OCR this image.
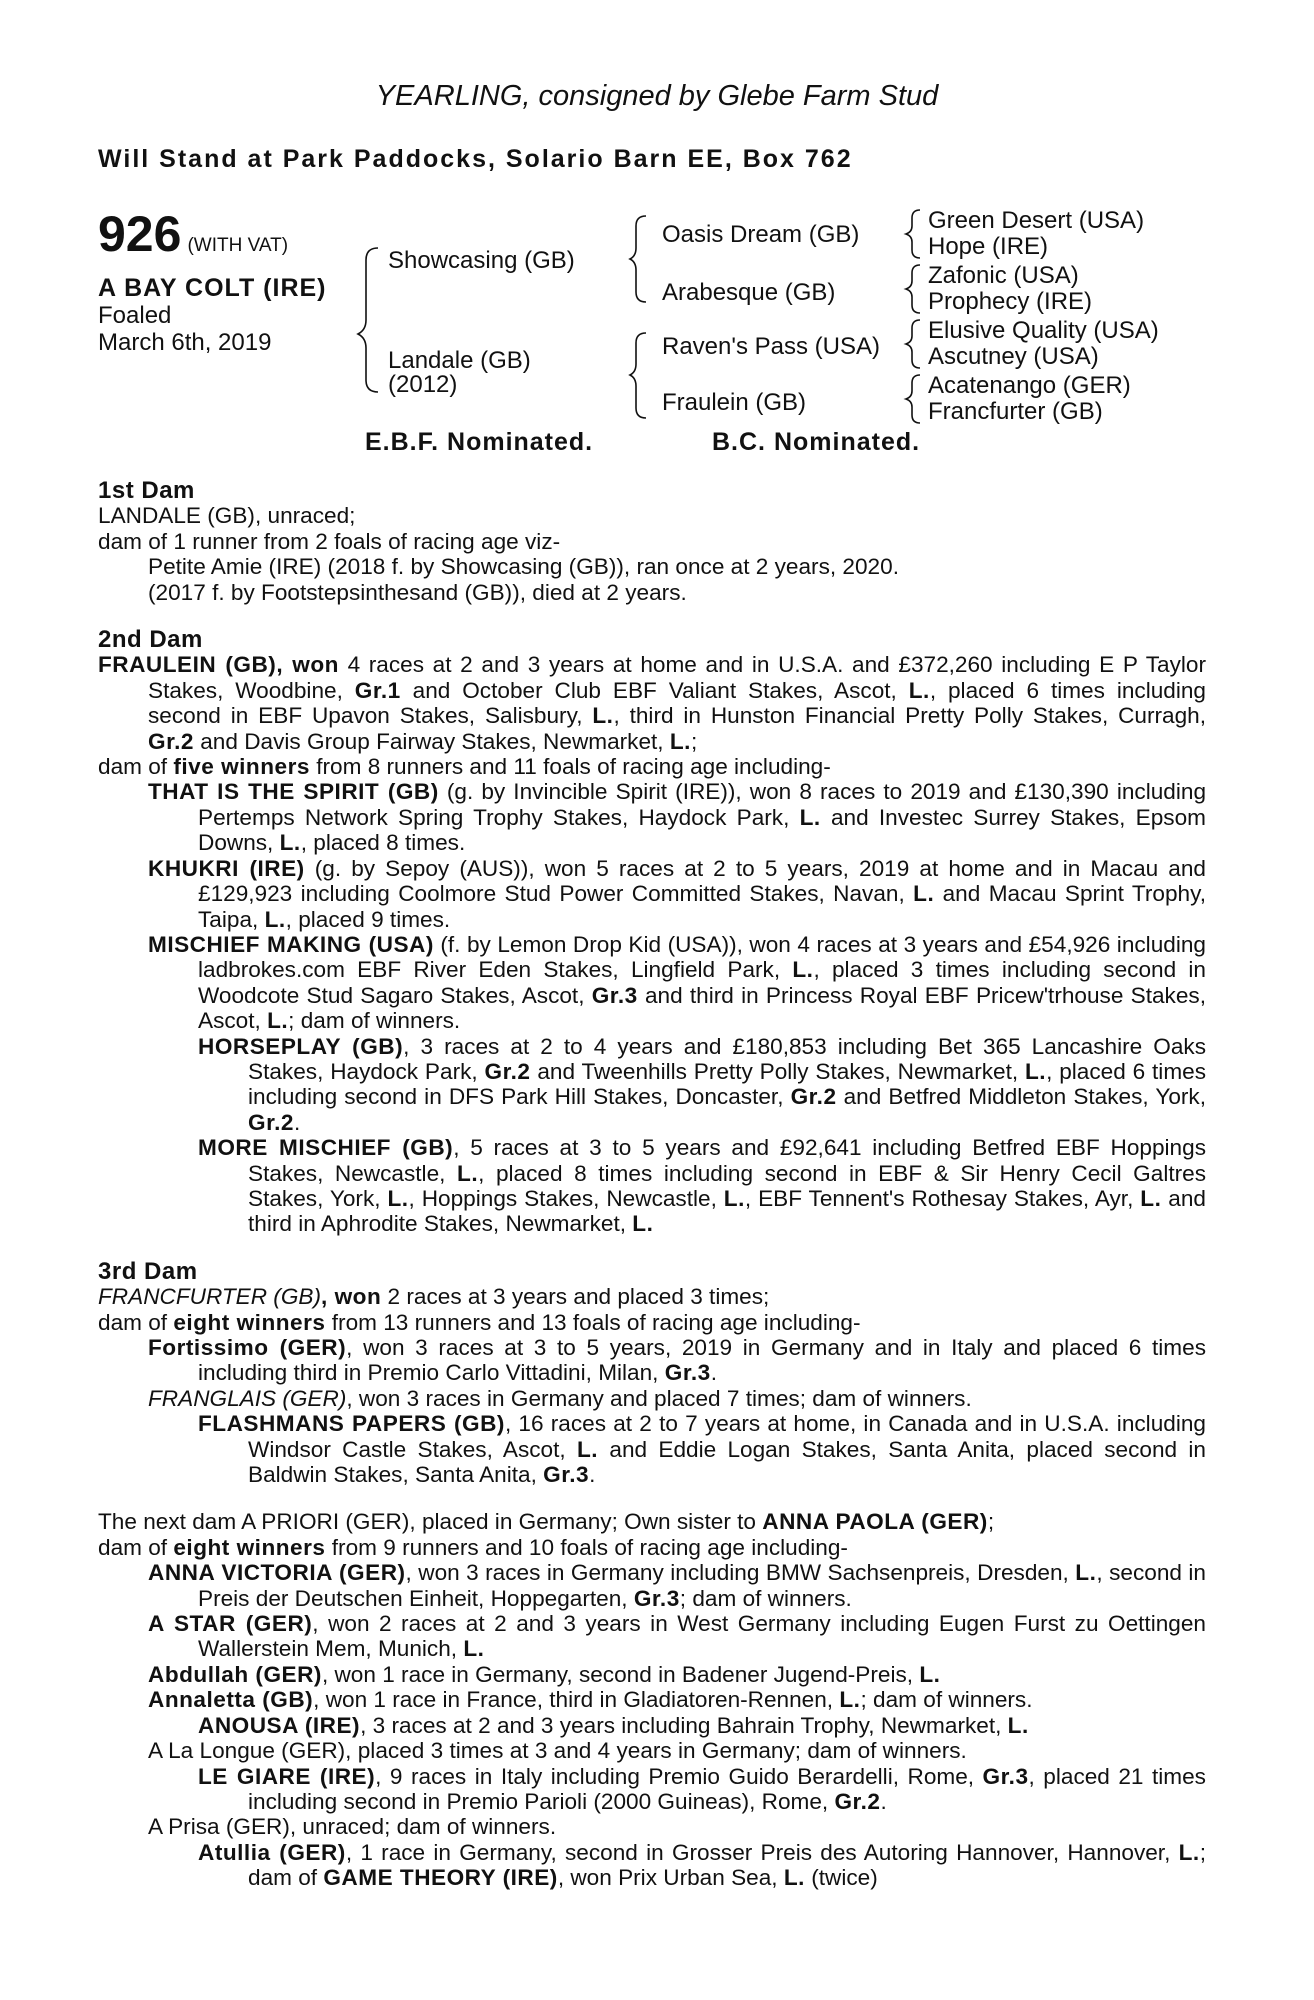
YEARLING, consigned by Glebe Farm Stud
Will Stand at Park Paddocks, Solario Barn EE, Box 762
926 (WITH VAT)
A BAY COLT (IRE)
Foaled
March 6th, 2019
Showcasing (GB)
Landale (GB)
(2012)
Oasis Dream (GB)
Arabesque (GB)
Raven's Pass (USA)
Fraulein (GB)
Green Desert (USA)
Hope (IRE)
Zafonic (USA)
Prophecy (IRE)
Elusive Quality (USA)
Ascutney (USA)
Acatenango (GER)
Francfurter (GB)
E.B.F. Nominated.	B.C. Nominated.
1st Dam
LANDALE (GB), unraced;
dam of 1 runner from 2 foals of racing age viz-
Petite Amie (IRE) (2018 f. by Showcasing (GB)), ran once at 2 years, 2020.
(2017 f. by Footstepsinthesand (GB)), died at 2 years.
2nd Dam
FRAULEIN (GB), won 4 races at 2 and 3 years at home and in U.S.A. and £372,260 including E P Taylor Stakes, Woodbine, Gr.1 and October Club EBF Valiant Stakes, Ascot, L., placed 6 times including second in EBF Upavon Stakes, Salisbury, L., third in Hunston Financial Pretty Polly Stakes, Curragh, Gr.2 and Davis Group Fairway Stakes, Newmarket, L.;
dam of five winners from 8 runners and 11 foals of racing age including-
THAT IS THE SPIRIT (GB) (g. by Invincible Spirit (IRE)), won 8 races to 2019 and £130,390 including Pertemps Network Spring Trophy Stakes, Haydock Park, L. and Investec Surrey Stakes, Epsom Downs, L., placed 8 times.
KHUKRI (IRE) (g. by Sepoy (AUS)), won 5 races at 2 to 5 years, 2019 at home and in Macau and £129,923 including Coolmore Stud Power Committed Stakes, Navan, L. and Macau Sprint Trophy, Taipa, L., placed 9 times.
MISCHIEF MAKING (USA) (f. by Lemon Drop Kid (USA)), won 4 races at 3 years and £54,926 including ladbrokes.com EBF River Eden Stakes, Lingfield Park, L., placed 3 times including second in Woodcote Stud Sagaro Stakes, Ascot, Gr.3 and third in Princess Royal EBF Pricew'trhouse Stakes, Ascot, L.; dam of winners.
HORSEPLAY (GB), 3 races at 2 to 4 years and £180,853 including Bet 365 Lancashire Oaks Stakes, Haydock Park, Gr.2 and Tweenhills Pretty Polly Stakes, Newmarket, L., placed 6 times including second in DFS Park Hill Stakes, Doncaster, Gr.2 and Betfred Middleton Stakes, York, Gr.2.
MORE MISCHIEF (GB), 5 races at 3 to 5 years and £92,641 including Betfred EBF Hoppings Stakes, Newcastle, L., placed 8 times including second in EBF & Sir Henry Cecil Galtres Stakes, York, L., Hoppings Stakes, Newcastle, L., EBF Tennent's Rothesay Stakes, Ayr, L. and third in Aphrodite Stakes, Newmarket, L.
3rd Dam
FRANCFURTER (GB), won 2 races at 3 years and placed 3 times;
dam of eight winners from 13 runners and 13 foals of racing age including-
Fortissimo (GER), won 3 races at 3 to 5 years, 2019 in Germany and in Italy and placed 6 times including third in Premio Carlo Vittadini, Milan, Gr.3.
FRANGLAIS (GER), won 3 races in Germany and placed 7 times; dam of winners.
FLASHMANS PAPERS (GB), 16 races at 2 to 7 years at home, in Canada and in U.S.A. including Windsor Castle Stakes, Ascot, L. and Eddie Logan Stakes, Santa Anita, placed second in Baldwin Stakes, Santa Anita, Gr.3.
The next dam A PRIORI (GER), placed in Germany; Own sister to ANNA PAOLA (GER);
dam of eight winners from 9 runners and 10 foals of racing age including-
ANNA VICTORIA (GER), won 3 races in Germany including BMW Sachsenpreis, Dresden, L., second in Preis der Deutschen Einheit, Hoppegarten, Gr.3; dam of winners.
A STAR (GER), won 2 races at 2 and 3 years in West Germany including Eugen Furst zu Oettingen Wallerstein Mem, Munich, L.
Abdullah (GER), won 1 race in Germany, second in Badener Jugend-Preis, L.
Annaletta (GB), won 1 race in France, third in Gladiatoren-Rennen, L.; dam of winners.
ANOUSA (IRE), 3 races at 2 and 3 years including Bahrain Trophy, Newmarket, L.
A La Longue (GER), placed 3 times at 3 and 4 years in Germany; dam of winners.
LE GIARE (IRE), 9 races in Italy including Premio Guido Berardelli, Rome, Gr.3, placed 21 times including second in Premio Parioli (2000 Guineas), Rome, Gr.2.
A Prisa (GER), unraced; dam of winners.
Atullia (GER), 1 race in Germany, second in Grosser Preis des Autoring Hannover, Hannover, L.; dam of GAME THEORY (IRE), won Prix Urban Sea, L. (twice)
